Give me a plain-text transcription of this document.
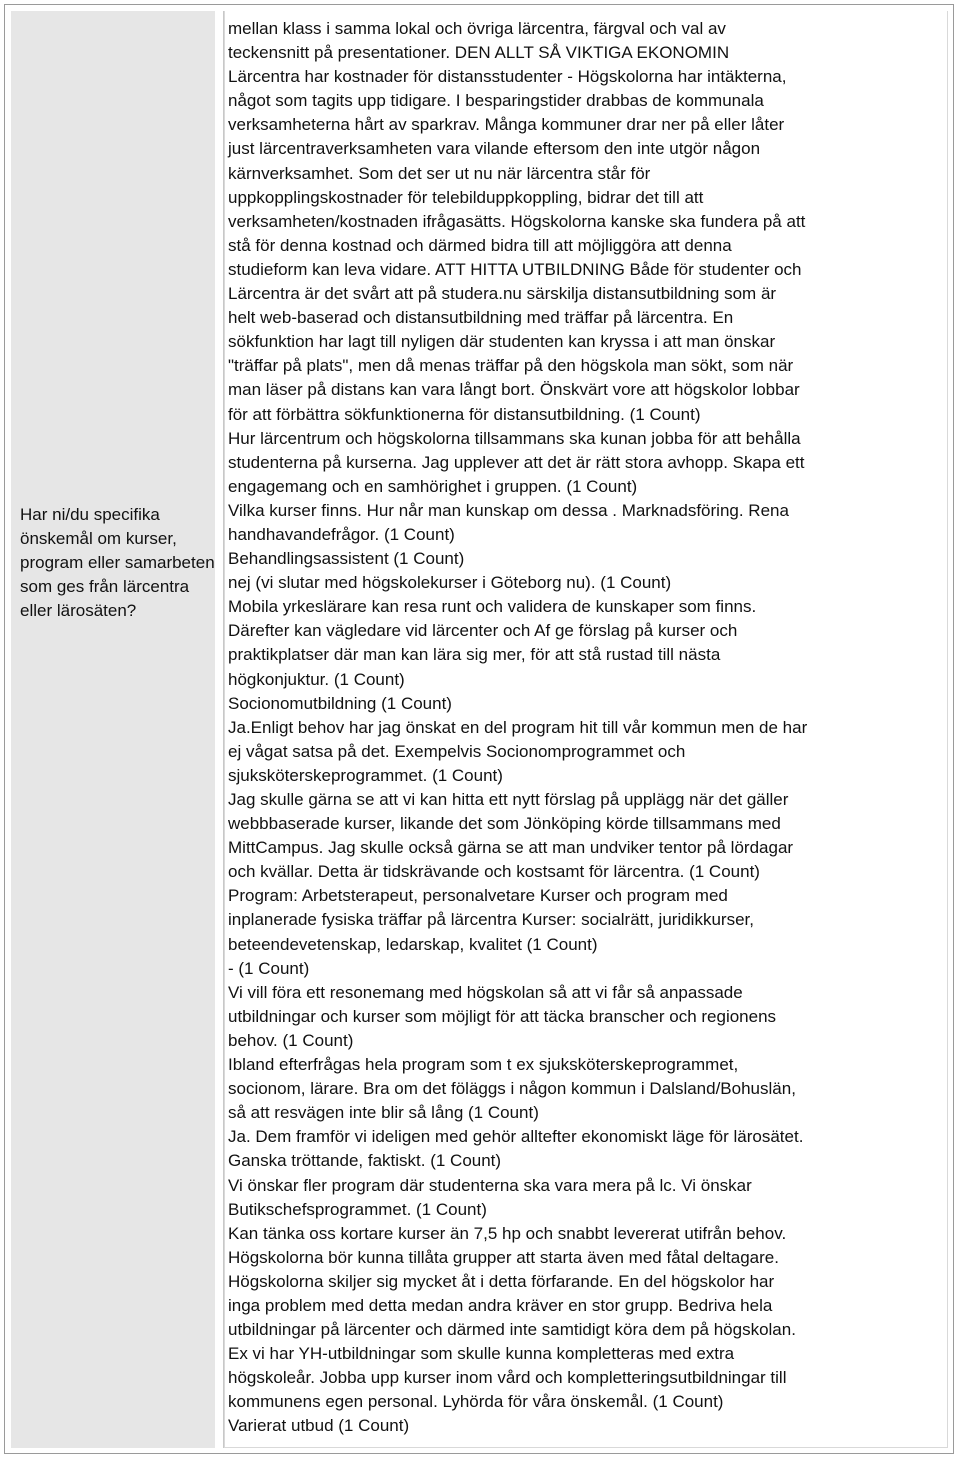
Har ni/du specifika önskemål om kurser, program eller samarbeten som ges från lärcentra eller lärosäten?

mellan klass i samma lokal och övriga lärcentra, färgval och val av
teckensnitt på presentationer. DEN ALLT SÅ VIKTIGA EKONOMIN
Lärcentra har kostnader för distansstudenter - Högskolorna har intäkterna,
något som tagits upp tidigare. I besparingstider drabbas de kommunala
verksamheterna hårt av sparkrav. Många kommuner drar ner på eller låter
just lärcentraverksamheten vara vilande eftersom den inte utgör någon
kärnverksamhet. Som det ser ut nu när lärcentra står för
uppkopplingskostnader för telebilduppkoppling, bidrar det till att
verksamheten/kostnaden ifrågasätts. Högskolorna kanske ska fundera på att
stå för denna kostnad och därmed bidra till att möjliggöra att denna
studieform kan leva vidare. ATT HITTA UTBILDNING Både för studenter och
Lärcentra är det svårt att på studera.nu särskilja distansutbildning som är
helt web-baserad och distansutbildning med träffar på lärcentra. En
sökfunktion har lagt till nyligen där studenten kan kryssa i att man önskar
"träffar på plats", men då menas träffar på den högskola man sökt, som när
man läser på distans kan vara långt bort. Önskvärt vore att högskolor lobbar
för att förbättra sökfunktionerna för distansutbildning. (1 Count)

Hur lärcentrum och högskolorna tillsammans ska kunan jobba för att behålla
studenterna på kurserna. Jag upplever att det är rätt stora avhopp. Skapa ett
engagemang och en samhörighet i gruppen. (1 Count)

Vilka kurser finns. Hur når man kunskap om dessa . Marknadsföring. Rena
handhavandefrågor. (1 Count)

Behandlingsassistent (1 Count)

nej (vi slutar med högskolekurser i Göteborg nu). (1 Count)

Mobila yrkeslärare kan resa runt och validera de kunskaper som finns.
Därefter kan vägledare vid lärcenter och Af ge förslag på kurser och
praktikplatser där man kan lära sig mer, för att stå rustad till nästa
högkonjuktur. (1 Count)

Socionomutbildning (1 Count)

Ja.Enligt behov har jag önskat en del program hit till vår kommun men de har
ej vågat satsa på det. Exempelvis Socionomprogrammet och
sjuksköterskeprogrammet. (1 Count)

Jag skulle gärna se att vi kan hitta ett nytt förslag på upplägg när det gäller
webbbaserade kurser, likande det som Jönköping körde tillsammans med
MittCampus. Jag skulle också gärna se att man undviker tentor på lördagar
och kvällar. Detta är tidskrävande och kostsamt för lärcentra. (1 Count)

Program: Arbetsterapeut, personalvetare Kurser och program med
inplanerade fysiska träffar på lärcentra Kurser: socialrätt, juridikkurser,
beteendevetenskap, ledarskap, kvalitet (1 Count)

- (1 Count)

Vi vill föra ett resonemang med högskolan så att vi får så anpassade
utbildningar och kurser som möjligt för att täcka branscher och regionens
behov. (1 Count)

Ibland efterfrågas hela program som t ex sjuksköterskeprogrammet,
socionom, lärare. Bra om det föläggs i någon kommun i Dalsland/Bohuslän,
så att resvägen inte blir så lång (1 Count)

Ja. Dem framför vi ideligen med gehör alltefter ekonomiskt läge för lärosätet.
Ganska tröttande, faktiskt. (1 Count)

Vi önskar fler program där studenterna ska vara mera på lc. Vi önskar
Butikschefsprogrammet. (1 Count)

Kan tänka oss kortare kurser än 7,5 hp och snabbt levererat utifrån behov.
Högskolorna bör kunna tillåta grupper att starta även med fåtal deltagare.
Högskolorna skiljer sig mycket åt i detta förfarande. En del högskolor har
inga problem med detta medan andra kräver en stor grupp. Bedriva hela
utbildningar på lärcenter och därmed inte samtidigt köra dem på högskolan.
Ex vi har YH-utbildningar som skulle kunna kompletteras med extra
högskoleår. Jobba upp kurser inom vård och kompletteringsutbildningar till
kommunens egen personal. Lyhörda för våra önskemål. (1 Count)

Varierat utbud (1 Count)
